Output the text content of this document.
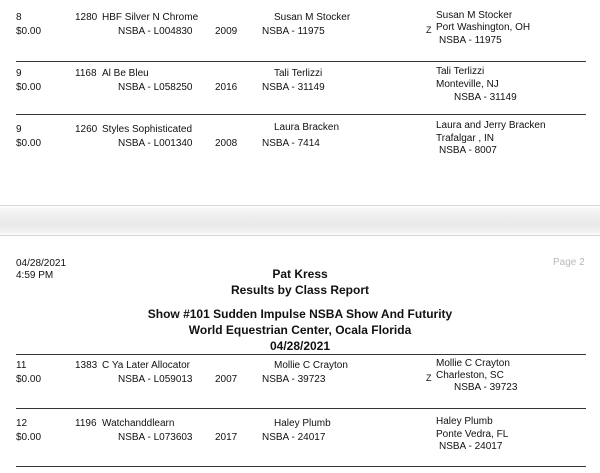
8
$0.00
1280 HBF Silver N Chrome
NSBA - L004830 2009
Susan M Stocker
NSBA - 11975
Susan M Stocker
Z Port Washington, OH
NSBA - 11975
9
$0.00
1168 Al Be Bleu
NSBA - L058250 2016
Tali Terlizzi
NSBA - 31149
Tali Terlizzi
Monteville, NJ
NSBA - 31149
9
$0.00
1260 Styles Sophisticated
NSBA - L001340 2008
Laura Bracken
NSBA - 7414
Laura and Jerry Bracken
Trafalgar , IN
NSBA - 8007
04/28/2021
4:59 PM
Page 2
Pat Kress
Results by Class Report
Show #101 Sudden Impulse NSBA Show And Futurity
World Equestrian Center, Ocala Florida
04/28/2021
11
$0.00
1383 C Ya Later Allocator
NSBA - L059013 2007
Mollie C Crayton
NSBA - 39723
Mollie C Crayton
Z Charleston, SC
NSBA - 39723
12
$0.00
1196 Watchanddlearn
NSBA - L073603 2017
Haley Plumb
NSBA - 24017
Haley Plumb
Ponte Vedra, FL
NSBA - 24017
